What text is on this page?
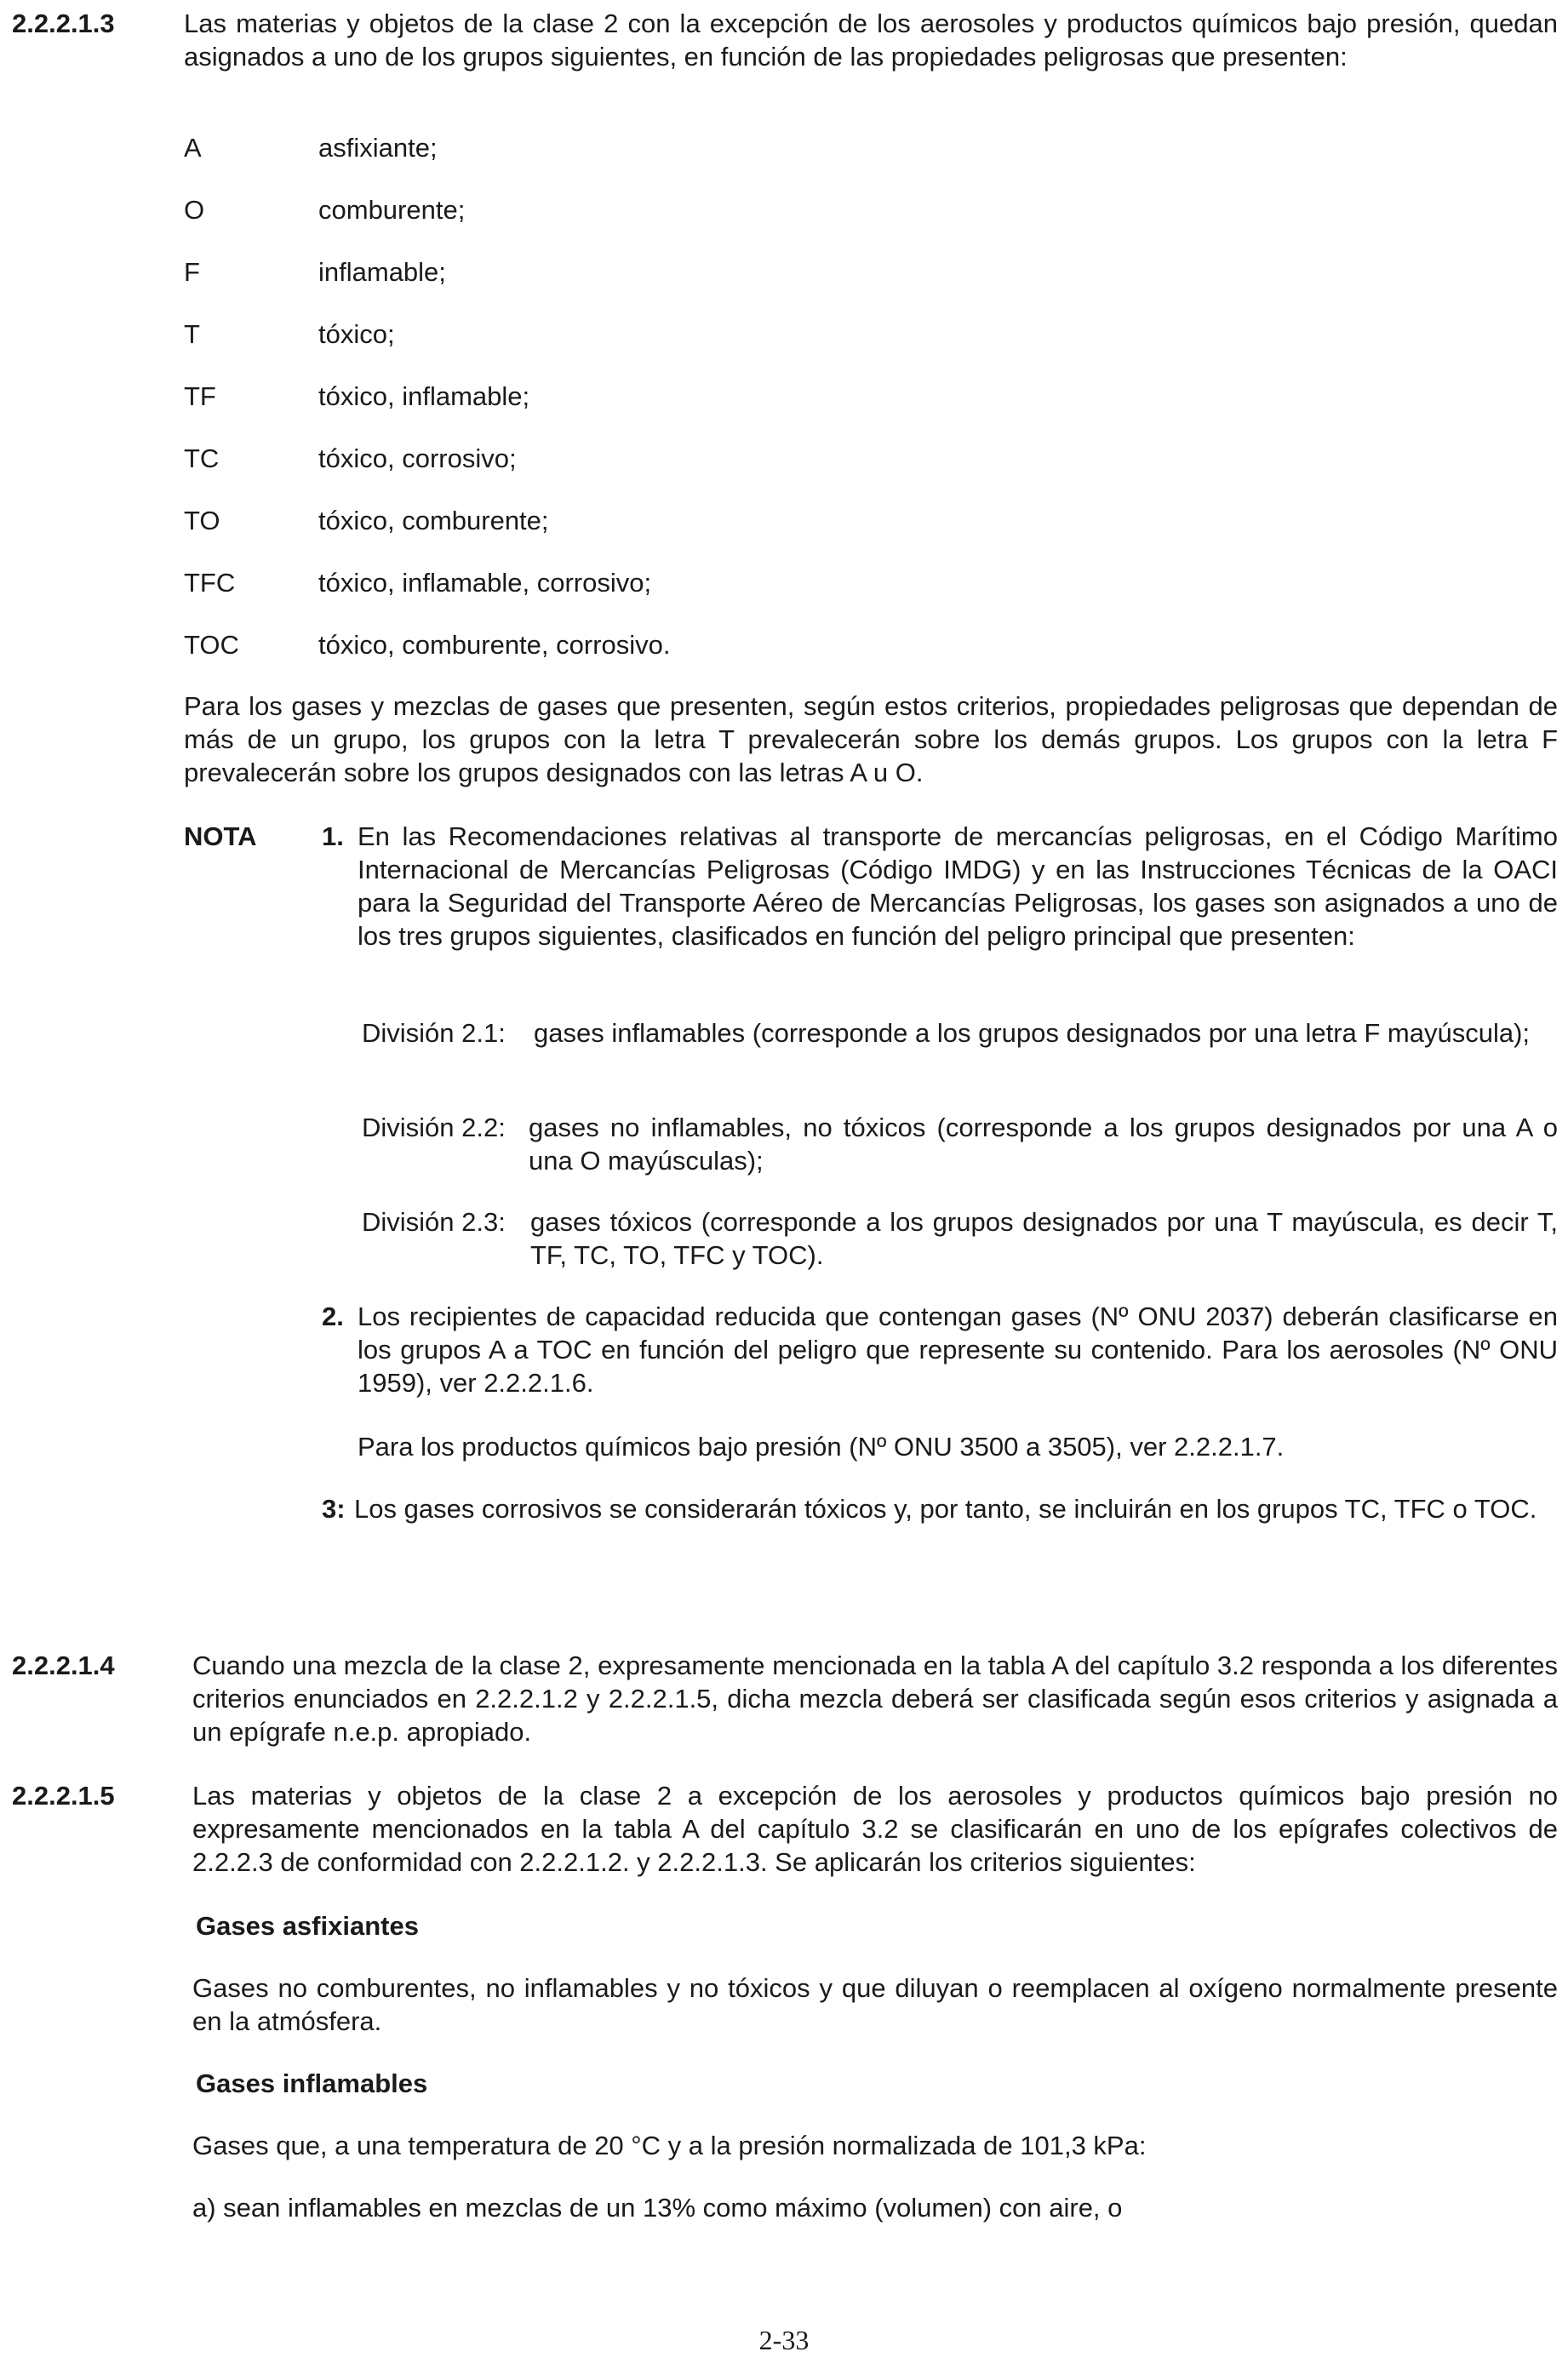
2.2.2.1.3	Las materias y objetos de la clase 2 con la excepción de los aerosoles y productos químicos bajo presión, quedan asignados a uno de los grupos siguientes, en función de las propiedades peligrosas que presenten:
A	asfixiante;
O	comburente;
F	inflamable;
T	tóxico;
TF	tóxico, inflamable;
TC	tóxico, corrosivo;
TO	tóxico, comburente;
TFC	tóxico, inflamable, corrosivo;
TOC	tóxico, comburente, corrosivo.
Para los gases y mezclas de gases que presenten, según estos criterios, propiedades peligrosas que dependan de más de un grupo, los grupos con la letra T prevalecerán sobre los demás grupos. Los grupos con la letra F prevalecerán sobre los grupos designados con las letras A u O.
NOTA 1. En las Recomendaciones relativas al transporte de mercancías peligrosas, en el Código Marítimo Internacional de Mercancías Peligrosas (Código IMDG) y en las Instrucciones Técnicas de la OACI para la Seguridad del Transporte Aéreo de Mercancías Peligrosas, los gases son asignados a uno de los tres grupos siguientes, clasificados en función del peligro principal que presenten:
División 2.1: gases inflamables (corresponde a los grupos designados por una letra F mayúscula);
División 2.2: gases no inflamables, no tóxicos (corresponde a los grupos designados por una A o una O mayúsculas);
División 2.3: gases tóxicos (corresponde a los grupos designados por una T mayúscula, es decir T, TF, TC, TO, TFC y TOC).
2. Los recipientes de capacidad reducida que contengan gases (Nº ONU 2037) deberán clasificarse en los grupos A a TOC en función del peligro que represente su contenido. Para los aerosoles (Nº ONU 1959), ver 2.2.2.1.6.
Para los productos químicos bajo presión (Nº ONU 3500 a 3505), ver 2.2.2.1.7.
3: Los gases corrosivos se considerarán tóxicos y, por tanto, se incluirán en los grupos TC, TFC o TOC.
2.2.2.1.4	Cuando una mezcla de la clase 2, expresamente mencionada en la tabla A del capítulo 3.2 responda a los diferentes criterios enunciados en 2.2.2.1.2 y 2.2.2.1.5, dicha mezcla deberá ser clasificada según esos criterios y asignada a un epígrafe n.e.p. apropiado.
2.2.2.1.5	Las materias y objetos de la clase 2 a excepción de los aerosoles y productos químicos bajo presión no expresamente mencionados en la tabla A del capítulo 3.2 se clasificarán en uno de los epígrafes colectivos de 2.2.2.3 de conformidad con 2.2.2.1.2. y 2.2.2.1.3. Se aplicarán los criterios siguientes:
Gases asfixiantes
Gases no comburentes, no inflamables y no tóxicos y que diluyan o reemplacen al oxígeno normalmente presente en la atmósfera.
Gases inflamables
Gases que, a una temperatura de 20 °C y a la presión normalizada de 101,3 kPa:
a) sean inflamables en mezclas de un 13% como máximo (volumen) con aire, o
2-33
